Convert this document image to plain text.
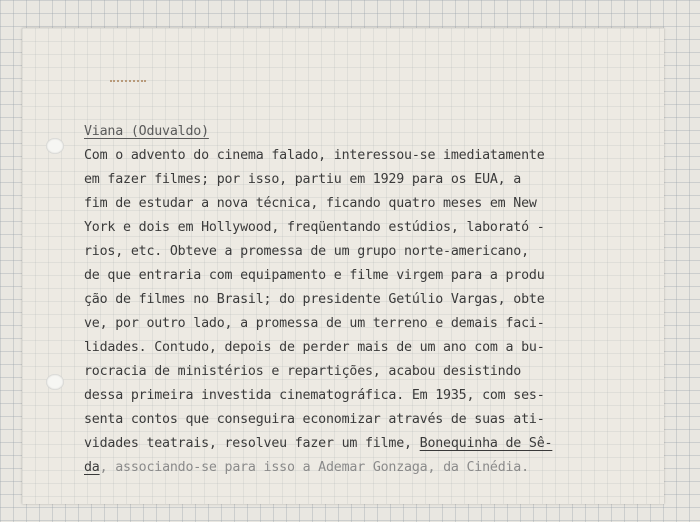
Viana (Oduvaldo)
Com o advento do cinema falado, interessou-se imediatamente
em fazer filmes; por isso, partiu em 1929 para os EUA, a
fim de estudar a nova técnica, ficando quatro meses em New
York e dois em Hollywood, freqüentando estúdios, laborató -
rios, etc. Obteve a promessa de um grupo norte-americano,
de que entraria com equipamento e filme virgem para a produ
ção de filmes no Brasil; do presidente Getúlio Vargas, obte
ve, por outro lado, a promessa de um terreno e demais faci-
lidades. Contudo, depois de perder mais de um ano com a bu-
rocracia de ministérios e repartições, acabou desistindo
dessa primeira investida cinematográfica. Em 1935, com ses-
senta contos que conseguira economizar através de suas ati-
vidades teatrais, resolveu fazer um filme, Bonequinha de Sê-
da, associando-se para isso a Ademar Gonzaga, da Cinédia.
